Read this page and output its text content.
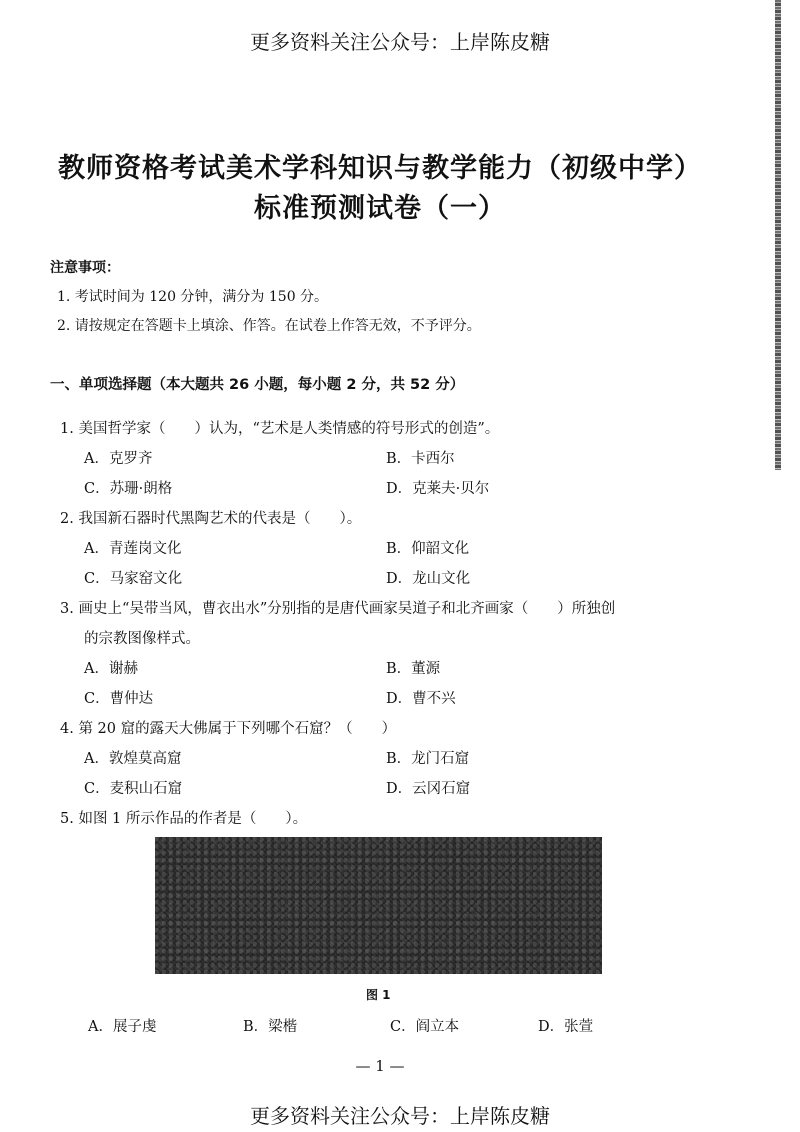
更多资料关注公众号：上岸陈皮糖
教师资格考试美术学科知识与教学能力（初级中学）
标准预测试卷（一）
注意事项：
1. 考试时间为 120 分钟，满分为 150 分。
2. 请按规定在答题卡上填涂、作答。在试卷上作答无效，不予评分。
一、单项选择题（本大题共 26 小题，每小题 2 分，共 52 分）
1. 美国哲学家（　　）认为，“艺术是人类情感的符号形式的创造”。
A．克罗齐	B．卡西尔
C．苏珊·朗格	D．克莱夫·贝尔
2. 我国新石器时代黑陶艺术的代表是（　　）。
A．青莲岗文化	B．仰韶文化
C．马家窑文化	D．龙山文化
3. 画史上“吴带当风，曹衣出水”分别指的是唐代画家吴道子和北齐画家（　　）所独创
的宗教图像样式。
A．谢赫	B．董源
C．曹仲达	D．曹不兴
4. 第 20 窟的露天大佛属于下列哪个石窟？（　　）
A．敦煌莫高窟	B．龙门石窟
C．麦积山石窟	D．云冈石窟
5. 如图 1 所示作品的作者是（　　）。
图 1
A．展子虔	B．梁楷	C．阎立本	D．张萱
— 1 —
更多资料关注公众号：上岸陈皮糖
